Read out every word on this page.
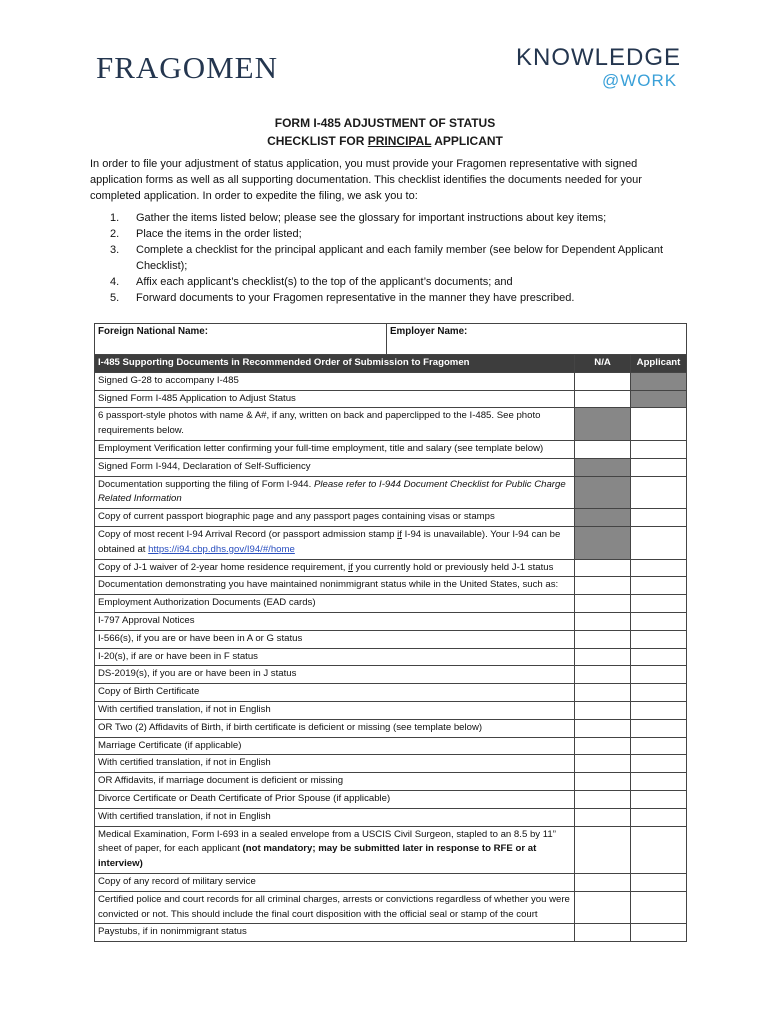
FRAGOMEN	KNOWLEDGE
@WORK
FORM I-485 ADJUSTMENT OF STATUS
CHECKLIST FOR PRINCIPAL APPLICANT

In order to file your adjustment of status application, you must provide your Fragomen representative with signed application forms as well as all supporting documentation. This checklist identifies the documents needed for your completed application. In order to expedite the filing, we ask you to:

1. Gather the items listed below; please see the glossary for important instructions about key items;
2. Place the items in the order listed;
3. Complete a checklist for the principal applicant and each family member (see below for Dependent Applicant Checklist);
4. Affix each applicant’s checklist(s) to the top of the applicant’s documents; and
5. Forward documents to your Fragomen representative in the manner they have prescribed.
Foreign National Name: Employer Name:		

I-485 Supporting Documents in Recommended Order of Submission to Fragomen	N/A	Applicant
Signed G-28 to accompany I-485		
Signed Form I-485 Application to Adjust Status		
6 passport-style photos with name & A#, if any, written on back and paperclipped to the I-485. See photo requirements below.		
Employment Verification letter confirming your full-time employment, title and salary (see template below)		
Signed Form I-944, Declaration of Self-Sufficiency		
Documentation supporting the filing of Form I-944. Please refer to I-944 Document Checklist for Public Charge Related Information		
Copy of current passport biographic page and any passport pages containing visas or stamps		
Copy of most recent I-94 Arrival Record (or passport admission stamp if I-94 is unavailable). Your I-94 can be obtained at https://i94.cbp.dhs.gov/I94/#/home		
Copy of J-1 waiver of 2-year home residence requirement, if you currently hold or previously held J-1 status		
Documentation demonstrating you have maintained nonimmigrant status while in the United States, such as:		
Employment Authorization Documents (EAD cards)		
I-797 Approval Notices		
I-566(s), if you are or have been in A or G status		
I-20(s), if are or have been in F status		
DS-2019(s), if you are or have been in J status		
Copy of Birth Certificate		
With certified translation, if not in English		
OR Two (2) Affidavits of Birth, if birth certificate is deficient or missing (see template below)		
Marriage Certificate (if applicable)		
With certified translation, if not in English		
OR Affidavits, if marriage document is deficient or missing		
Divorce Certificate or Death Certificate of Prior Spouse (if applicable)		
With certified translation, if not in English		
Medical Examination, Form I-693 in a sealed envelope from a USCIS Civil Surgeon, stapled to an 8.5 by 11” sheet of paper, for each applicant (not mandatory; may be submitted later in response to RFE or at interview)		
Copy of any record of military service		
Certified police and court records for all criminal charges, arrests or convictions regardless of whether you were convicted or not. This should include the final court disposition with the official seal or stamp of the court		
Paystubs, if in nonimmigrant status		
